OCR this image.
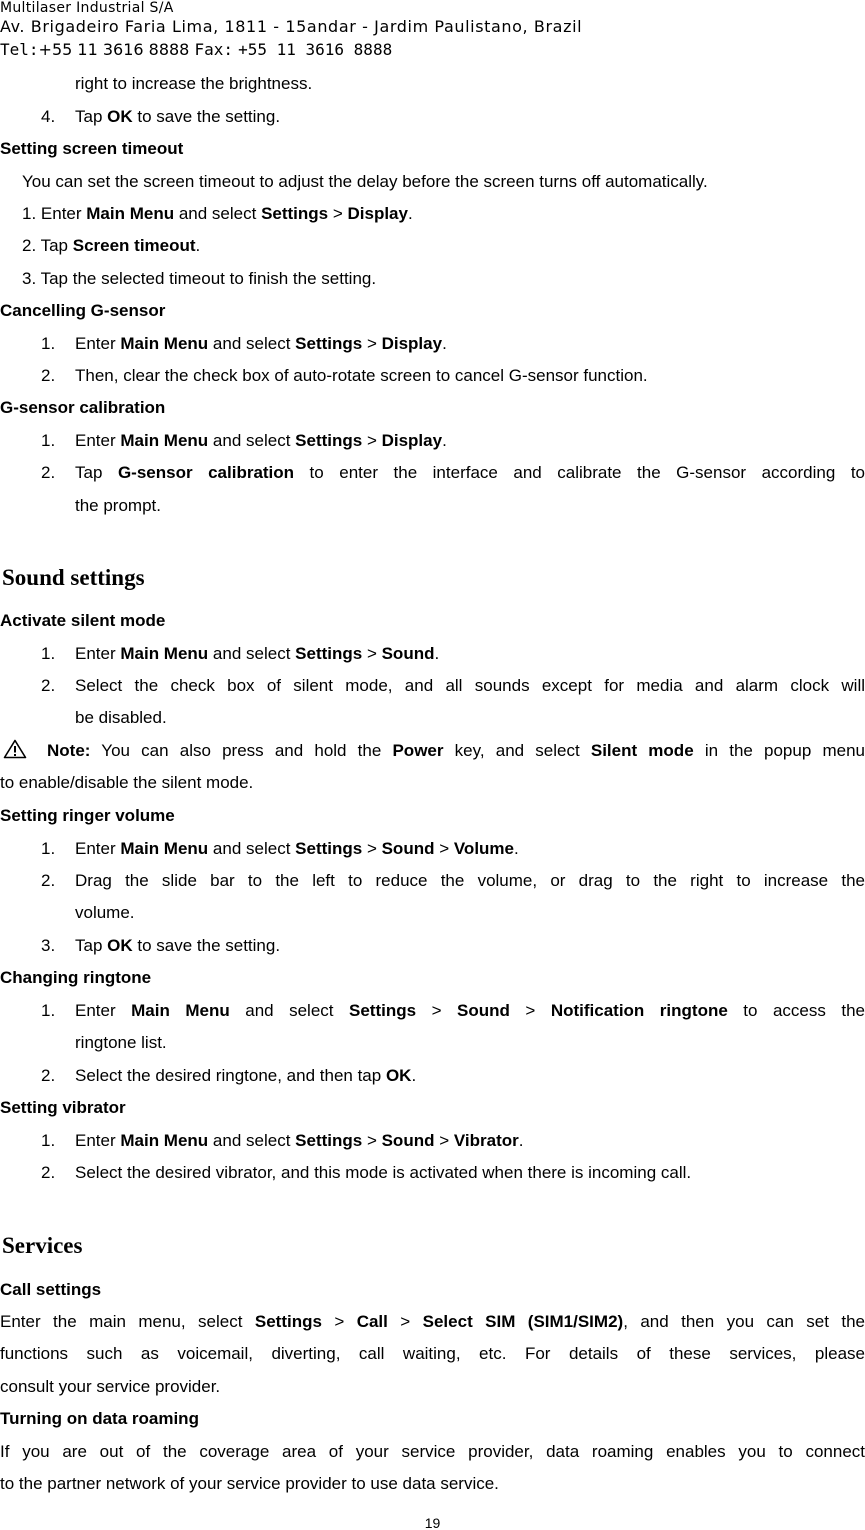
Multilaser Industrial S/A
Av. Brigadeiro Faria Lima, 1811 - 15andar - Jardim Paulistano, Brazil
Tel:+55 11 3616 8888 Fax: +55 11 3616 8888
right to increase the brightness.
4. Tap OK to save the setting.
Setting screen timeout
You can set the screen timeout to adjust the delay before the screen turns off automatically.
1. Enter Main Menu and select Settings > Display.
2. Tap Screen timeout.
3. Tap the selected timeout to finish the setting.
Cancelling G-sensor
1. Enter Main Menu and select Settings > Display.
2. Then, clear the check box of auto-rotate screen to cancel G-sensor function.
G-sensor calibration
1. Enter Main Menu and select Settings > Display.
2. Tap G-sensor calibration to enter the interface and calibrate the G-sensor according to
the prompt.
Sound settings
Activate silent mode
1. Enter Main Menu and select Settings > Sound.
2. Select the check box of silent mode, and all sounds except for media and alarm clock will
be disabled.
Note: You can also press and hold the Power key, and select Silent mode in the popup menu
to enable/disable the silent mode.
Setting ringer volume
1. Enter Main Menu and select Settings > Sound > Volume.
2. Drag the slide bar to the left to reduce the volume, or drag to the right to increase the
volume.
3. Tap OK to save the setting.
Changing ringtone
1. Enter Main Menu and select Settings > Sound > Notification ringtone to access the
ringtone list.
2. Select the desired ringtone, and then tap OK.
Setting vibrator
1. Enter Main Menu and select Settings > Sound > Vibrator.
2. Select the desired vibrator, and this mode is activated when there is incoming call.
Services
Call settings
Enter the main menu, select Settings > Call > Select SIM (SIM1/SIM2), and then you can set the
functions such as voicemail, diverting, call waiting, etc. For details of these services, please
consult your service provider.
Turning on data roaming
If you are out of the coverage area of your service provider, data roaming enables you to connect
to the partner network of your service provider to use data service.
19
